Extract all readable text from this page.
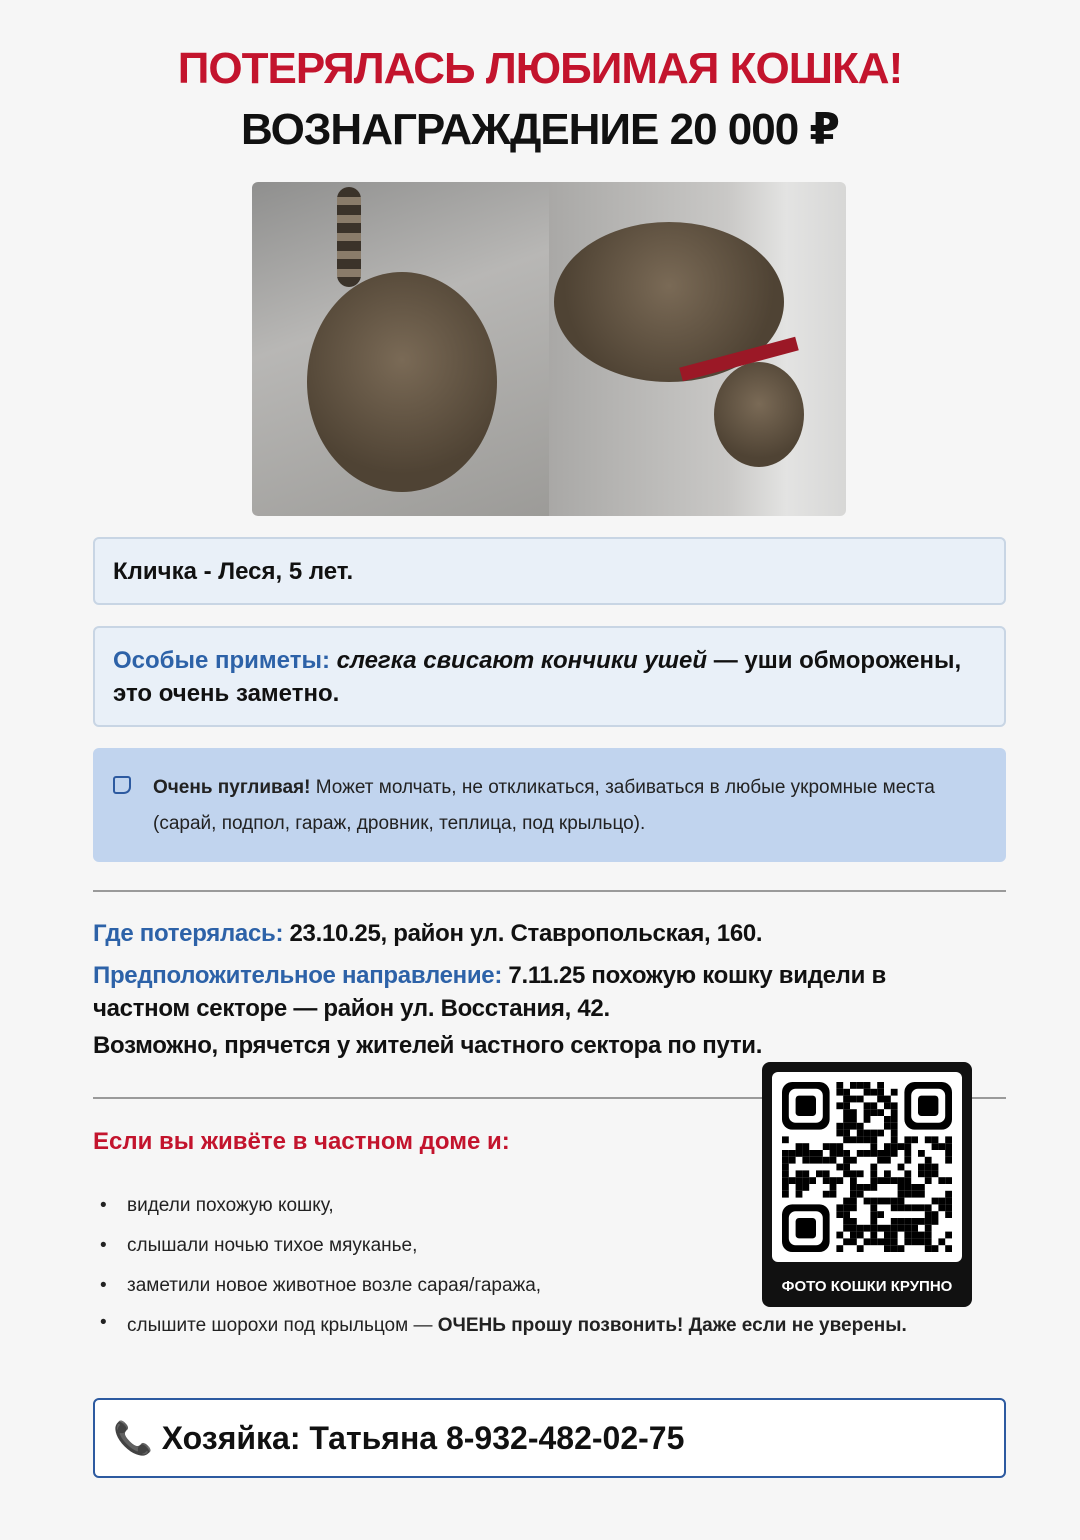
ПОТЕРЯЛАСЬ ЛЮБИМАЯ КОШКА!
ВОЗНАГРАЖДЕНИЕ 20 000 ₽
Кличка - Леся, 5 лет.
Особые приметы: слегка свисают кончики ушей — уши обморожены, это очень заметно.
Очень пугливая! Может молчать, не откликаться, забиваться в любые укромные места (сарай, подпол, гараж, дровник, теплица, под крыльцо).
Где потерялась: 23.10.25, район ул. Ставропольская, 160.
Предположительное направление: 7.11.25 похожую кошку видели в частном секторе — район ул. Восстания, 42.
Возможно, прячется у жителей частного сектора по пути.
Если вы живёте в частном доме и:
• видели похожую кошку,
• слышали ночью тихое мяуканье,
• заметили новое животное возле сарая/гаража,
• слышите шорохи под крыльцом — ОЧЕНЬ прошу позвонить! Даже если не уверены.
ФОТО КОШКИ КРУПНО
📞 Хозяйка: Татьяна 8-932-482-02-75
